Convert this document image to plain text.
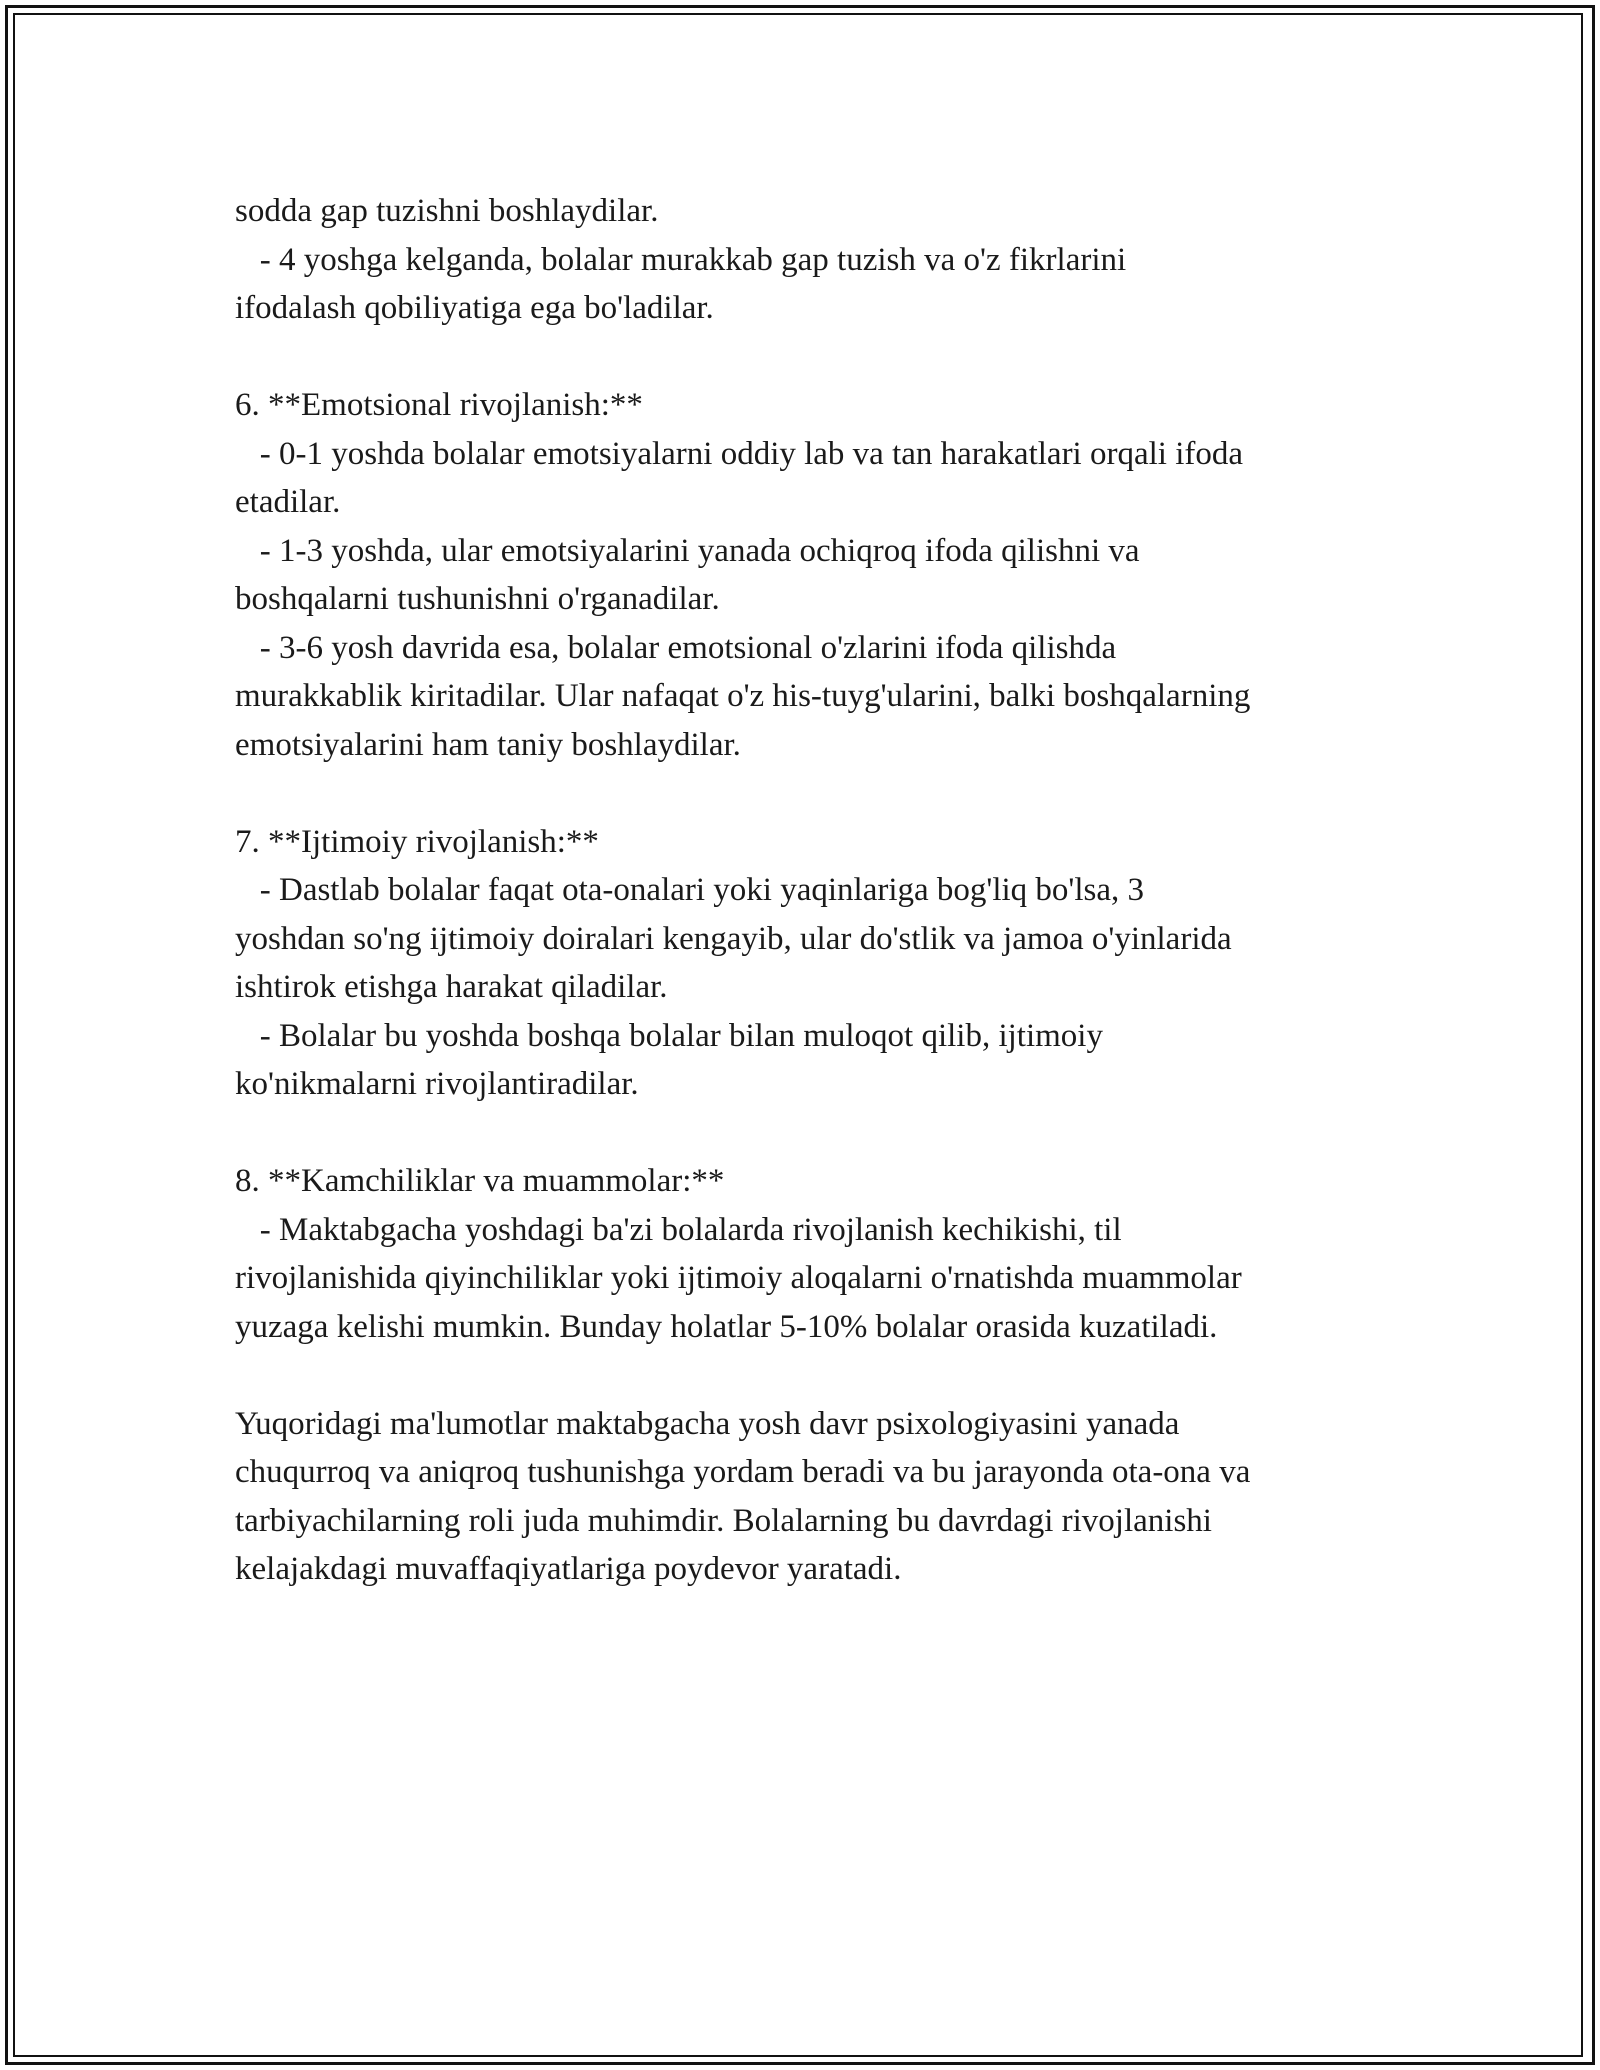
sodda gap tuzishni boshlaydilar.
- 4 yoshga kelganda, bolalar murakkab gap tuzish va o'z fikrlarini
ifodalash qobiliyatiga ega bo'ladilar.
6. **Emotsional rivojlanish:**
- 0-1 yoshda bolalar emotsiyalarni oddiy lab va tan harakatlari orqali ifoda
etadilar.
- 1-3 yoshda, ular emotsiyalarini yanada ochiqroq ifoda qilishni va
boshqalarni tushunishni o'rganadilar.
- 3-6 yosh davrida esa, bolalar emotsional o'zlarini ifoda qilishda
murakkablik kiritadilar. Ular nafaqat o'z his-tuyg'ularini, balki boshqalarning
emotsiyalarini ham taniy boshlaydilar.
7. **Ijtimoiy rivojlanish:**
- Dastlab bolalar faqat ota-onalari yoki yaqinlariga bog'liq bo'lsa, 3
yoshdan so'ng ijtimoiy doiralari kengayib, ular do'stlik va jamoa o'yinlarida
ishtirok etishga harakat qiladilar.
- Bolalar bu yoshda boshqa bolalar bilan muloqot qilib, ijtimoiy
ko'nikmalarni rivojlantiradilar.
8. **Kamchiliklar va muammolar:**
- Maktabgacha yoshdagi ba'zi bolalarda rivojlanish kechikishi, til
rivojlanishida qiyinchiliklar yoki ijtimoiy aloqalarni o'rnatishda muammolar
yuzaga kelishi mumkin. Bunday holatlar 5-10% bolalar orasida kuzatiladi.
Yuqoridagi ma'lumotlar maktabgacha yosh davr psixologiyasini yanada
chuqurroq va aniqroq tushunishga yordam beradi va bu jarayonda ota-ona va
tarbiyachilarning roli juda muhimdir. Bolalarning bu davrdagi rivojlanishi
kelajakdagi muvaffaqiyatlariga poydevor yaratadi.
